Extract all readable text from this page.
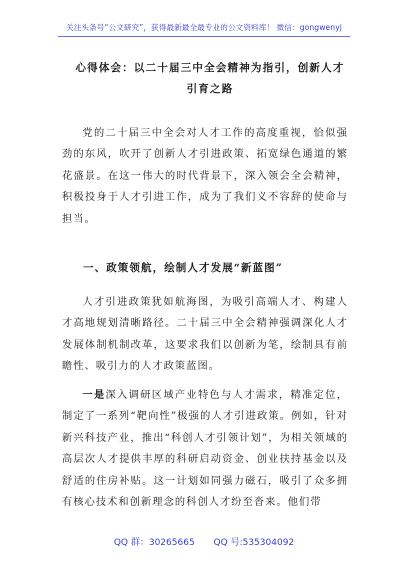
关注头条号“公文研究”，获得最新最全最专业的公文资料库！ 微信：gongwenyj
心得体会：以二十届三中全会精神为指引，创新人才引育之路

党的二十届三中全会对人才工作的高度重视，恰似强劲的东风，吹开了创新人才引进政策、拓宽绿色通道的繁花盛景。在这一伟大的时代背景下，深入领会全会精神，积极投身于人才引进工作，成为了我们义不容辞的使命与担当。

一、政策领航，绘制人才发展“新蓝图”

人才引进政策犹如航海图，为吸引高端人才、构建人才高地规划清晰路径。二十届三中全会精神强调深化人才发展体制机制改革，这要求我们以创新为笔，绘制具有前瞻性、吸引力的人才政策蓝图。

一是深入调研区域产业特色与人才需求，精准定位，制定了一系列“靶向性”极强的人才引进政策。例如，针对新兴科技产业，推出“科创人才引领计划”，为相关领域的高层次人才提供丰厚的科研启动资金、创业扶持基金以及舒适的住房补贴。这一计划如同强力磁石，吸引了众多拥有核心技术和创新理念的科创人才纷至沓来。他们带

QQ 群：30265665 QQ 号:535304092
